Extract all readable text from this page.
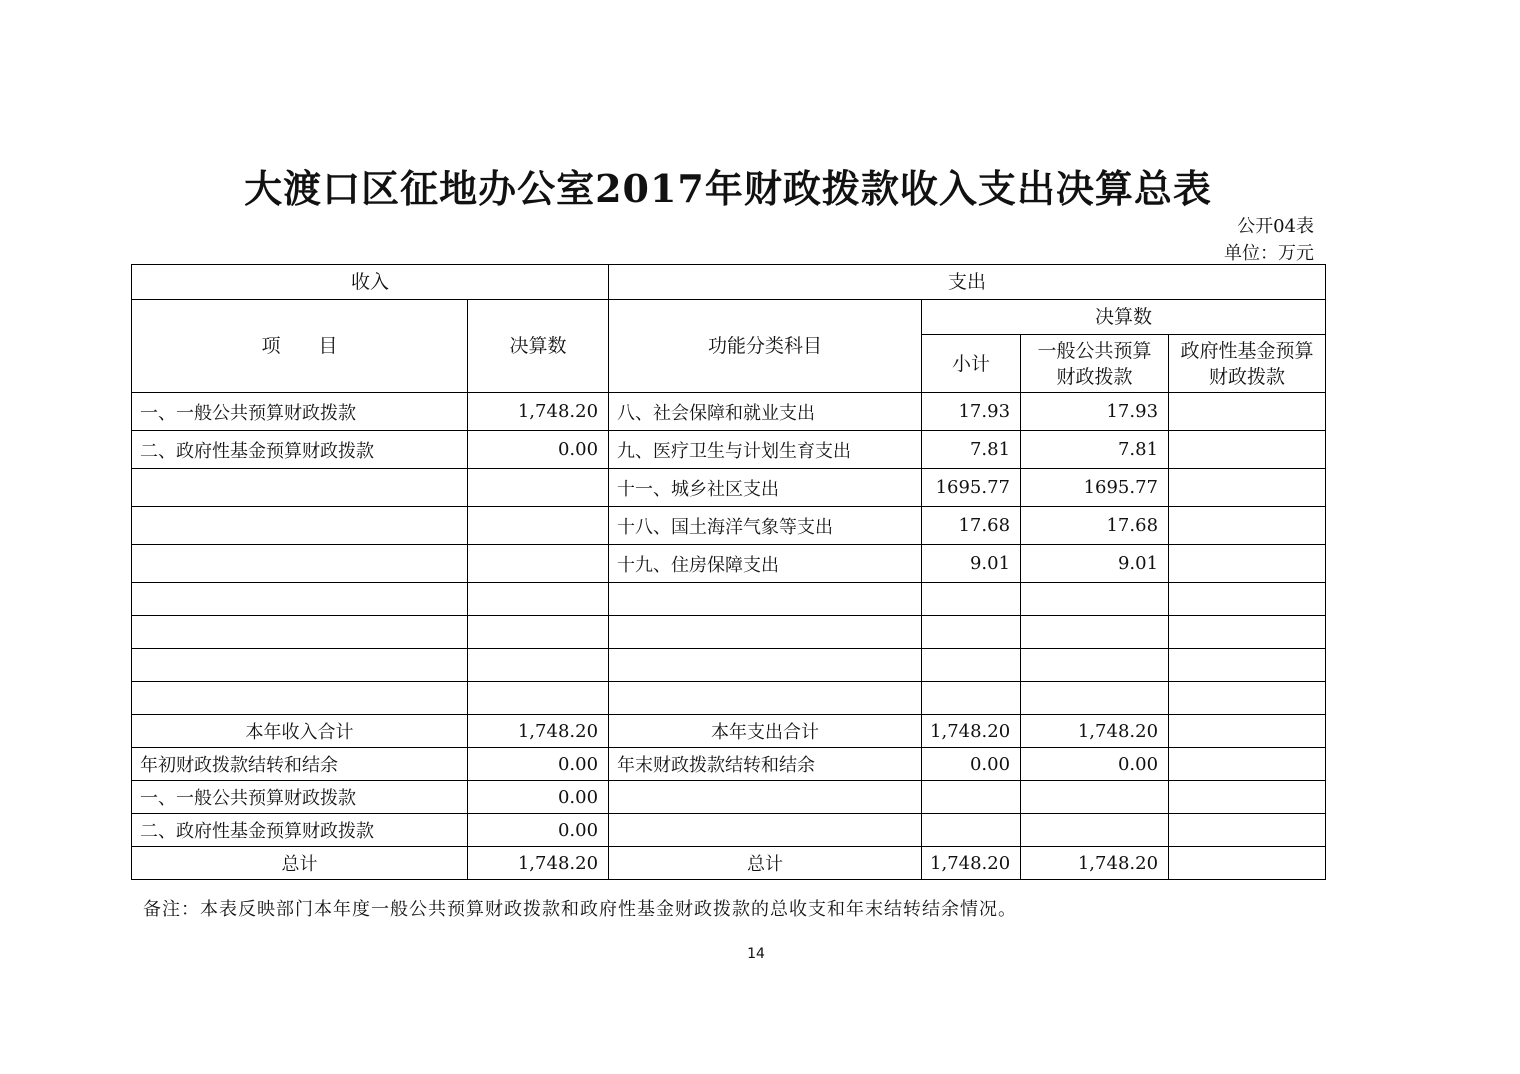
大渡口区征地办公室2017年财政拨款收入支出决算总表
公开04表
单位：万元
收入		支出			
项　　目	决算数	功能分类科目	决算数		
			小计	一般公共预算财政拨款	政府性基金预算财政拨款
一、一般公共预算财政拨款	1,748.20	八、社会保障和就业支出	17.93	17.93	
二、政府性基金预算财政拨款	0.00	九、医疗卫生与计划生育支出	7.81	7.81	
		十一、城乡社区支出	1695.77	1695.77	
		十八、国土海洋气象等支出	17.68	17.68	
		十九、住房保障支出	9.01	9.01	

本年收入合计	1,748.20	本年支出合计	1,748.20	1,748.20	
年初财政拨款结转和结余	0.00	年末财政拨款结转和结余	0.00	0.00	
一、一般公共预算财政拨款	0.00				
二、政府性基金预算财政拨款	0.00				
总计	1,748.20	总计	1,748.20	1,748.20	
备注：本表反映部门本年度一般公共预算财政拨款和政府性基金财政拨款的总收支和年末结转结余情况。
14
